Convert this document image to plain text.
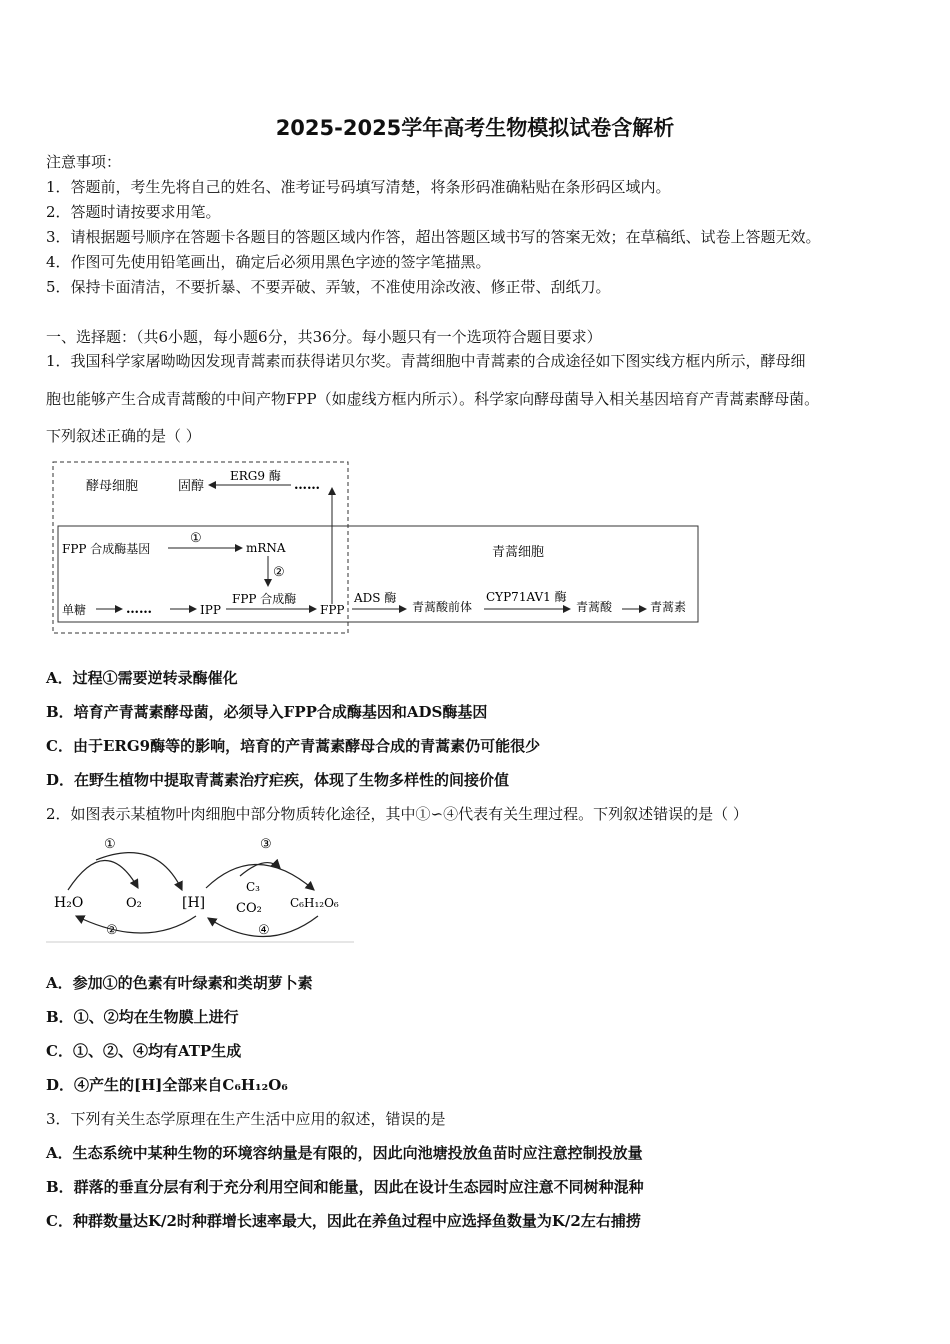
2025-2025学年高考生物模拟试卷含解析
注意事项：
1．答题前，考生先将自己的姓名、准考证号码填写清楚，将条形码准确粘贴在条形码区域内。
2．答题时请按要求用笔。
3．请根据题号顺序在答题卡各题目的答题区域内作答，超出答题区域书写的答案无效；在草稿纸、试卷上答题无效。
4．作图可先使用铅笔画出，确定后必须用黑色字迹的签字笔描黑。
5．保持卡面清洁，不要折暴、不要弄破、弄皱，不准使用涂改液、修正带、刮纸刀。
一、选择题：（共6小题，每小题6分，共36分。每小题只有一个选项符合题目要求）
1．我国科学家屠呦呦因发现青蒿素而获得诺贝尔奖。青蒿细胞中青蒿素的合成途径如下图实线方框内所示，酵母细
胞也能够产生合成青蒿酸的中间产物FPP（如虚线方框内所示）。科学家向酵母菌导入相关基因培育产青蒿素酵母菌。
下列叙述正确的是（ ）
酵母细胞	固醇
ERG9 酶
……
FPP 合成酶基因
①
mRNA
②
青蒿细胞
FPP 合成酶
单糖	……	IPP	FPP
ADS 酶
青蒿酸前体
CYP71AV1 酶
青蒿酸	青蒿素
A．过程①需要逆转录酶催化
B．培育产青蒿素酵母菌，必须导入FPP合成酶基因和ADS酶基因
C．由于ERG9酶等的影响，培育的产青蒿素酵母合成的青蒿素仍可能很少
D．在野生植物中提取青蒿素治疗疟疾，体现了生物多样性的间接价值
2．如图表示某植物叶肉细胞中部分物质转化途径，其中①∽④代表有关生理过程。下列叙述错误的是（ ）
H₂O	O₂	[H]
C₃
CO₂ C₆H₁₂O₆
①
②
③
④
A．参加①的色素有叶绿素和类胡萝卜素
B．①、②均在生物膜上进行
C．①、②、④均有ATP生成
D．④产生的[H]全部来自C₆H₁₂O₆
3．下列有关生态学原理在生产生活中应用的叙述，错误的是
A．生态系统中某种生物的环境容纳量是有限的，因此向池塘投放鱼苗时应注意控制投放量
B．群落的垂直分层有利于充分利用空间和能量，因此在设计生态园时应注意不同树种混种
C．种群数量达K/2时种群增长速率最大，因此在养鱼过程中应选择鱼数量为K/2左右捕捞
